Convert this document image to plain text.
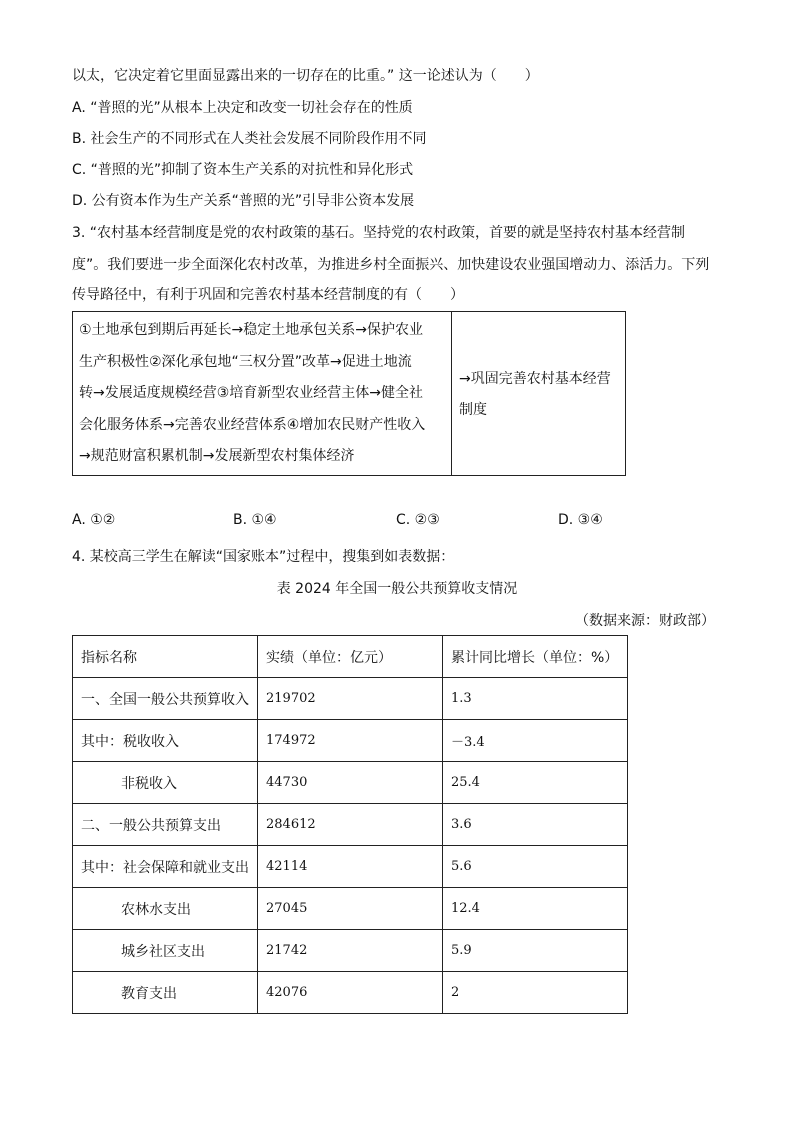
以太，它决定着它里面显露出来的一切存在的比重。” 这一论述认为（　　）
A. “普照的光”从根本上决定和改变一切社会存在的性质
B. 社会生产的不同形式在人类社会发展不同阶段作用不同
C. “普照的光”抑制了资本生产关系的对抗性和异化形式
D. 公有资本作为生产关系“普照的光”引导非公资本发展
3. “农村基本经营制度是党的农村政策的基石。坚持党的农村政策，首要的就是坚持农村基本经营制
度”。我们要进一步全面深化农村改革，为推进乡村全面振兴、加快建设农业强国增动力、添活力。下列
传导路径中，有利于巩固和完善农村基本经营制度的有（　　）
①土地承包到期后再延长→稳定土地承包关系→保护农业
生产积极性②深化承包地“三权分置”改革→促进土地流
转→发展适度规模经营③培育新型农业经营主体→健全社
会化服务体系→完善农业经营体系④增加农民财产性收入
→规范财富积累机制→发展新型农村集体经济
→巩固完善农村基本经营
制度
A. ①②	B. ①④	C. ②③	D. ③④
4. 某校高三学生在解读“国家账本”过程中，搜集到如表数据：
表 2024 年全国一般公共预算收支情况
（数据来源：财政部）
指标名称	实绩（单位：亿元）	累计同比增长（单位：%）
一、全国一般公共预算收入	219702	1.3
其中：税收收入	174972	－3.4
非税收入	44730	25.4
二、一般公共预算支出	284612	3.6
其中：社会保障和就业支出	42114	5.6
农林水支出	27045	12.4
城乡社区支出	21742	5.9
教育支出	42076	2
